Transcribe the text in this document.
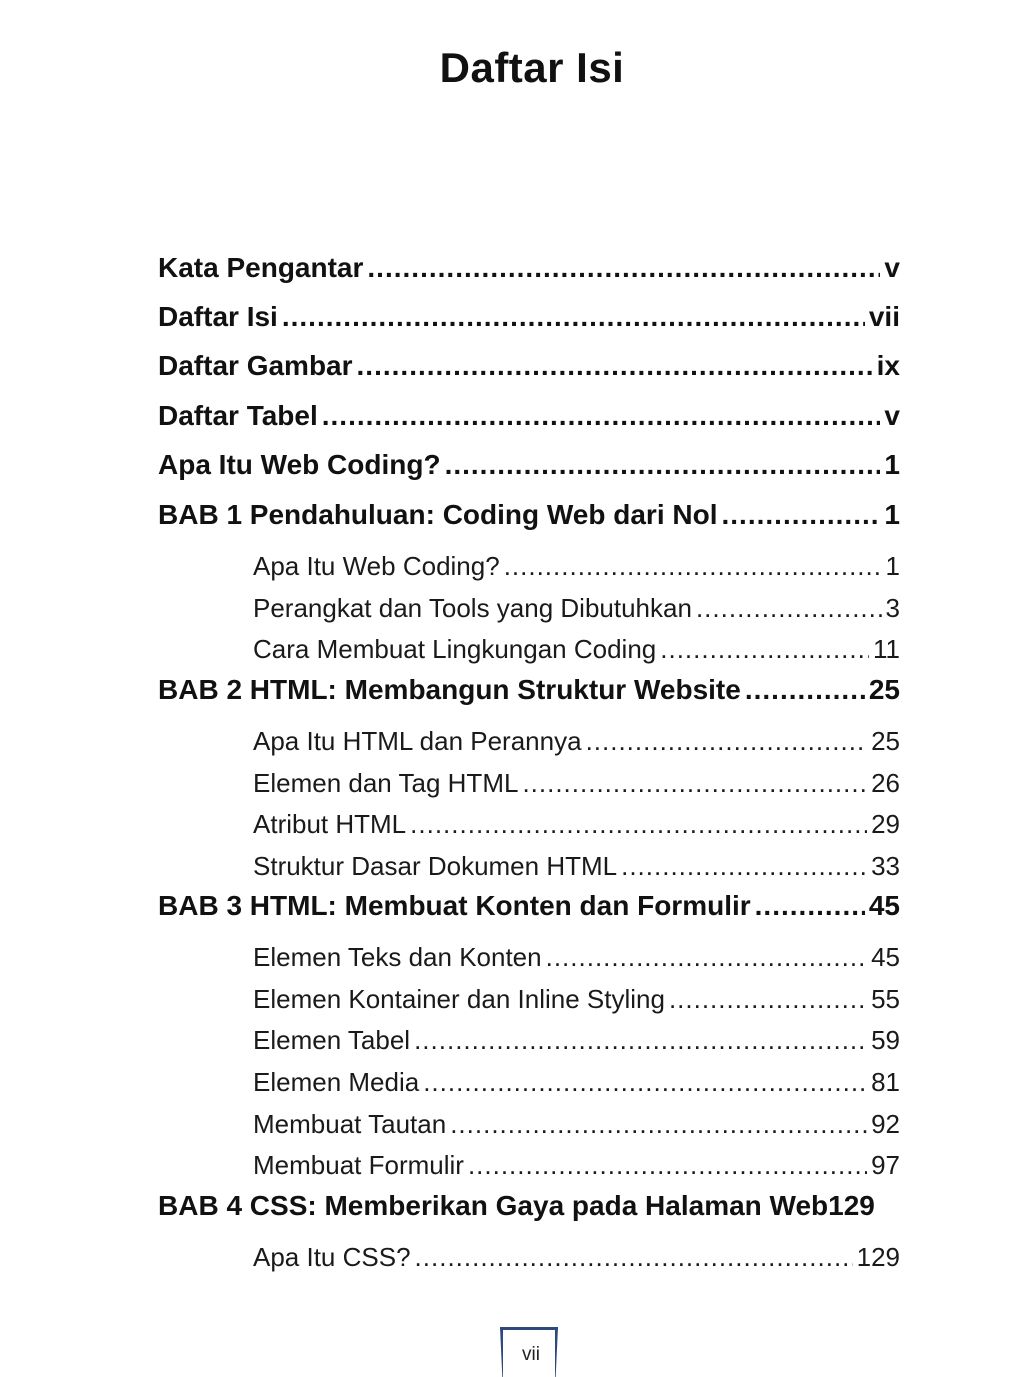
Daftar Isi
Kata Pengantar .....	v
Daftar Isi .....	vii
Daftar Gambar .....	ix
Daftar Tabel .....	v
Apa Itu Web Coding? .....	1
BAB 1 Pendahuluan: Coding Web dari Nol .....	1
Apa Itu Web Coding? .....	1
Perangkat dan Tools yang Dibutuhkan .....	3
Cara Membuat Lingkungan Coding .....	11
BAB 2 HTML: Membangun Struktur Website .....	25
Apa Itu HTML dan Perannya .....	25
Elemen dan Tag HTML .....	26
Atribut HTML .....	29
Struktur Dasar Dokumen HTML .....	33
BAB 3 HTML: Membuat Konten dan Formulir .....	45
Elemen Teks dan Konten .....	45
Elemen Kontainer dan Inline Styling .....	55
Elemen Tabel .....	59
Elemen Media .....	81
Membuat Tautan .....	92
Membuat Formulir .....	97
BAB 4 CSS: Memberikan Gaya pada Halaman Web 129
Apa Itu CSS? .....	129
vii
